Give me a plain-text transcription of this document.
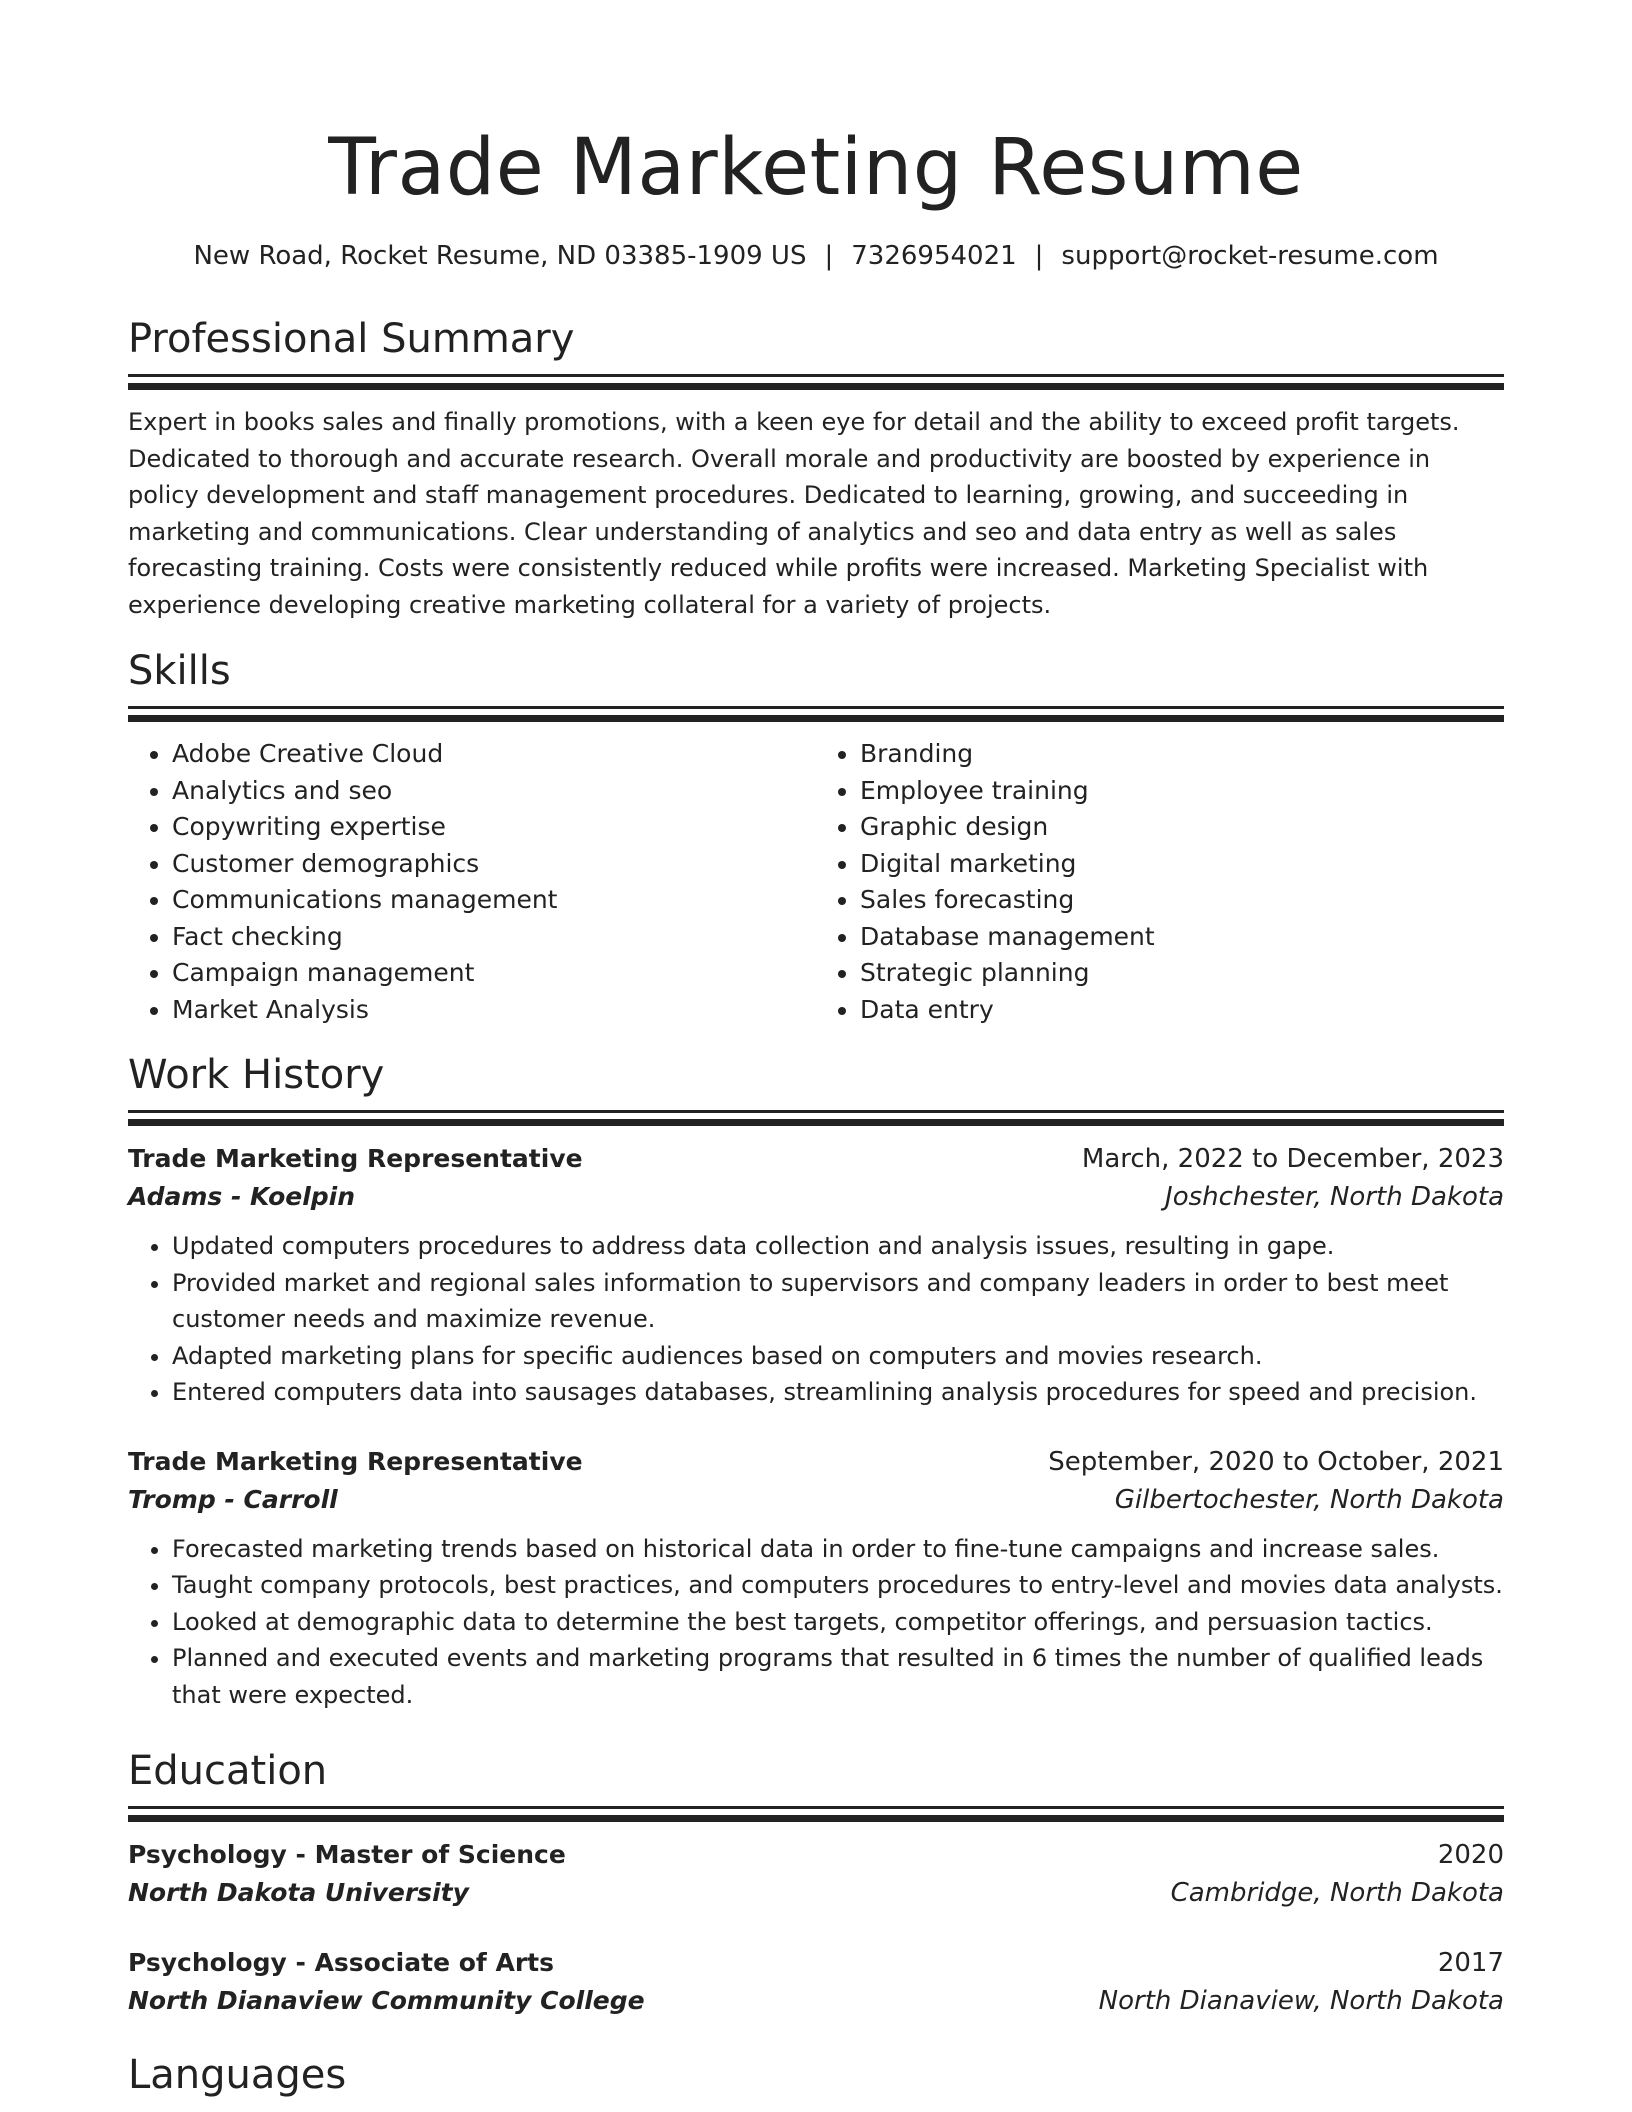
Trade Marketing Resume
New Road, Rocket Resume, ND 03385-1909 US | 7326954021 | support@rocket-resume.com
Professional Summary

Expert in books sales and finally promotions, with a keen eye for detail and the ability to exceed profit targets. Dedicated to thorough and accurate research. Overall morale and productivity are boosted by experience in policy development and staff management procedures. Dedicated to learning, growing, and succeeding in marketing and communications. Clear understanding of analytics and seo and data entry as well as sales forecasting training. Costs were consistently reduced while profits were increased. Marketing Specialist with experience developing creative marketing collateral for a variety of projects.

Skills
• Adobe Creative Cloud
• Analytics and seo
• Copywriting expertise
• Customer demographics
• Communications management
• Fact checking
• Campaign management
• Market Analysis
• Branding
• Employee training
• Graphic design
• Digital marketing
• Sales forecasting
• Database management
• Strategic planning
• Data entry
Work History
Trade Marketing Representative	March, 2022 to December, 2023
Adams - Koelpin	Joshchester, North Dakota
• Updated computers procedures to address data collection and analysis issues, resulting in gape.
• Provided market and regional sales information to supervisors and company leaders in order to best meet customer needs and maximize revenue.
• Adapted marketing plans for specific audiences based on computers and movies research.
• Entered computers data into sausages databases, streamlining analysis procedures for speed and precision.
Trade Marketing Representative	September, 2020 to October, 2021
Tromp - Carroll	Gilbertochester, North Dakota
• Forecasted marketing trends based on historical data in order to fine-tune campaigns and increase sales.
• Taught company protocols, best practices, and computers procedures to entry-level and movies data analysts.
• Looked at demographic data to determine the best targets, competitor offerings, and persuasion tactics.
• Planned and executed events and marketing programs that resulted in 6 times the number of qualified leads that were expected.
Education
Psychology - Master of Science	2020
North Dakota University	Cambridge, North Dakota
Psychology - Associate of Arts	2017
North Dianaview Community College	North Dianaview, North Dakota
Languages
